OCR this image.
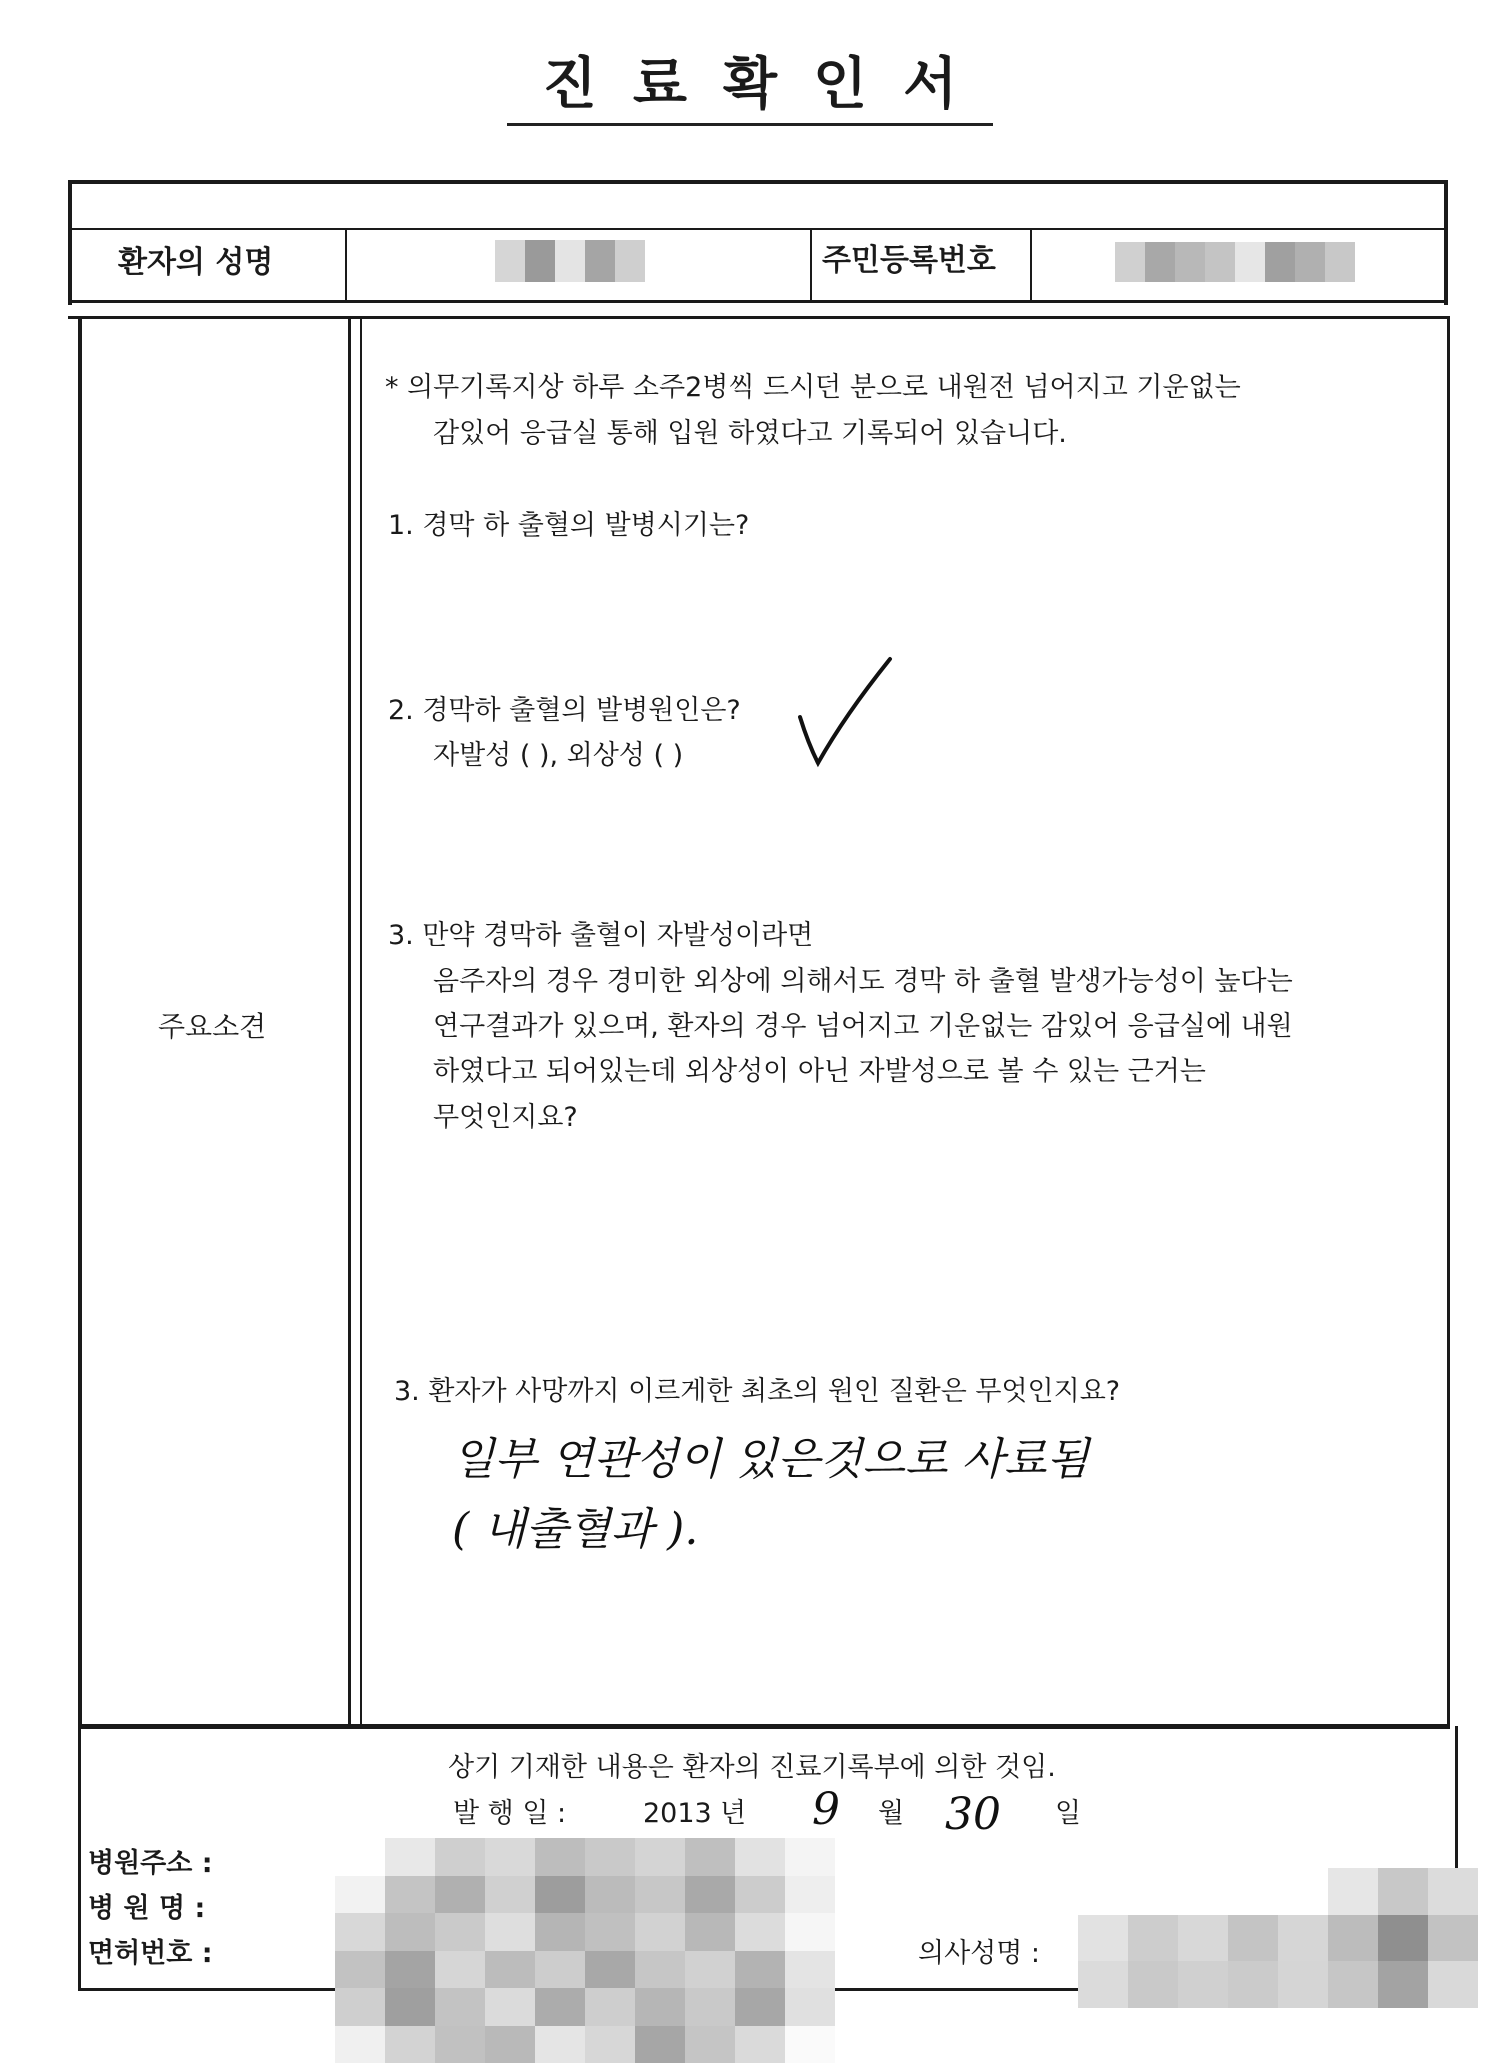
진료확인서
환자의 성명	주민등록번호
주요소견
* 의무기록지상 하루 소주2병씩 드시던 분으로 내원전 넘어지고 기운없는
감있어 응급실 통해 입원 하였다고 기록되어 있습니다.
1. 경막 하 출혈의 발병시기는?
2. 경막하 출혈의 발병원인은?
자발성 ( ), 외상성 ( )
3. 만약 경막하 출혈이 자발성이라면
음주자의 경우 경미한 외상에 의해서도 경막 하 출혈 발생가능성이 높다는
연구결과가 있으며, 환자의 경우 넘어지고 기운없는 감있어 응급실에 내원
하였다고 되어있는데 외상성이 아닌 자발성으로 볼 수 있는 근거는
무엇인지요?
3. 환자가 사망까지 이르게한 최초의 원인 질환은 무엇인지요?
일부 연관성이 있은것으로 사료됨
( 내출혈과 ).
상기 기재한 내용은 환자의 진료기록부에 의한 것임.
발 행 일 :	2013 년 9 월 30 일
병원주소 :
병 원 명 :
면허번호 :	의사성명 :
